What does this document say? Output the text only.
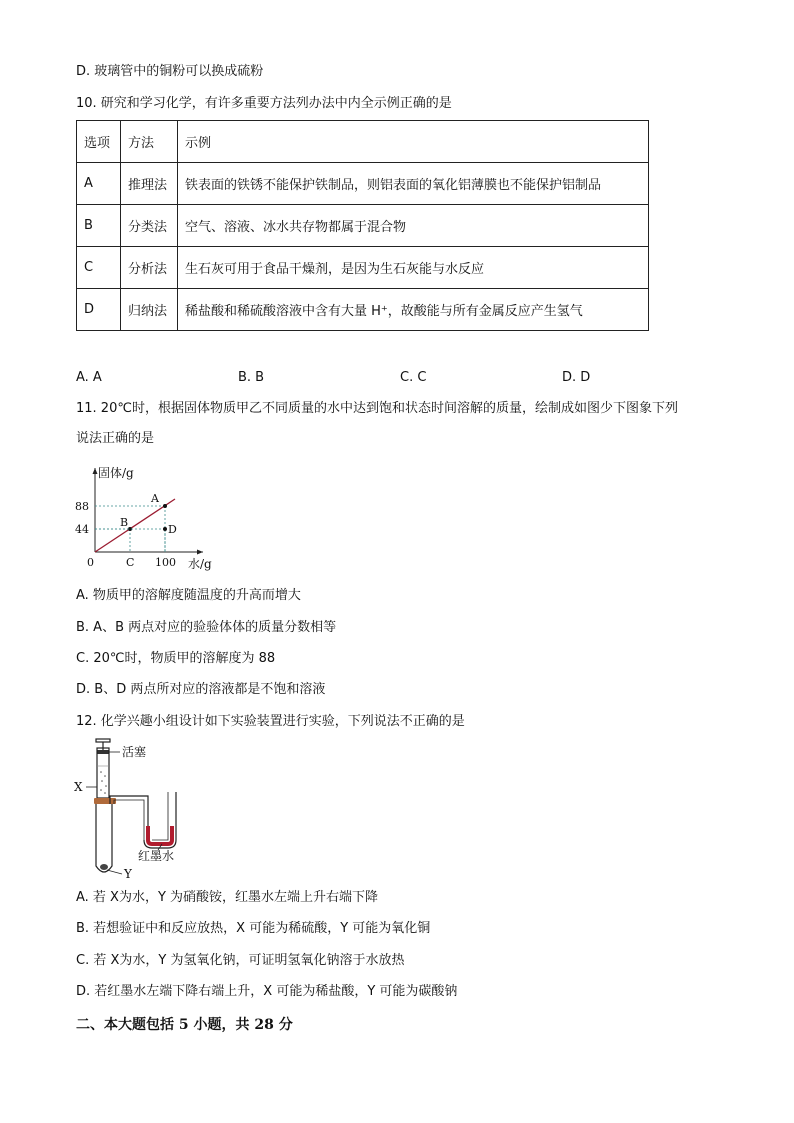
D. 玻璃管中的铜粉可以换成硫粉
10. 研究和学习化学，有许多重要方法列办法中内全示例正确的是
选项	方法	示例
A	推理法	铁表面的铁锈不能保护铁制品，则铝表面的氧化铝薄膜也不能保护铝制品
B	分类法	空气、溶液、冰水共存物都属于混合物
C	分析法	生石灰可用于食品干燥剂，是因为生石灰能与水反应
D	归纳法	稀盐酸和稀硫酸溶液中含有大量 H⁺，故酸能与所有金属反应产生氢气
A. A	B. B	C. C	D. D
11. 20℃时，根据固体物质甲乙不同质量的水中达到饱和状态时间溶解的质量，绘制成如图少下图象下列
说法正确的是
固体/g
水/g
0
44
88
A
B
D
C 100
A. 物质甲的溶解度随温度的升高而增大
B. A、B 两点对应的验验体体的质量分数相等
C. 20℃时，物质甲的溶解度为 88
D. B、D 两点所对应的溶液都是不饱和溶液
12. 化学兴趣小组设计如下实验装置进行实验，下列说法不正确的是
活塞
X
红墨水
Y
A. 若 X为水，Y 为硝酸铵，红墨水左端上升右端下降
B. 若想验证中和反应放热，X 可能为稀硫酸，Y 可能为氧化铜
C. 若 X为水，Y 为氢氧化钠，可证明氢氧化钠溶于水放热
D. 若红墨水左端下降右端上升，X 可能为稀盐酸，Y 可能为碳酸钠
二、本大题包括 5 小题，共 28 分
